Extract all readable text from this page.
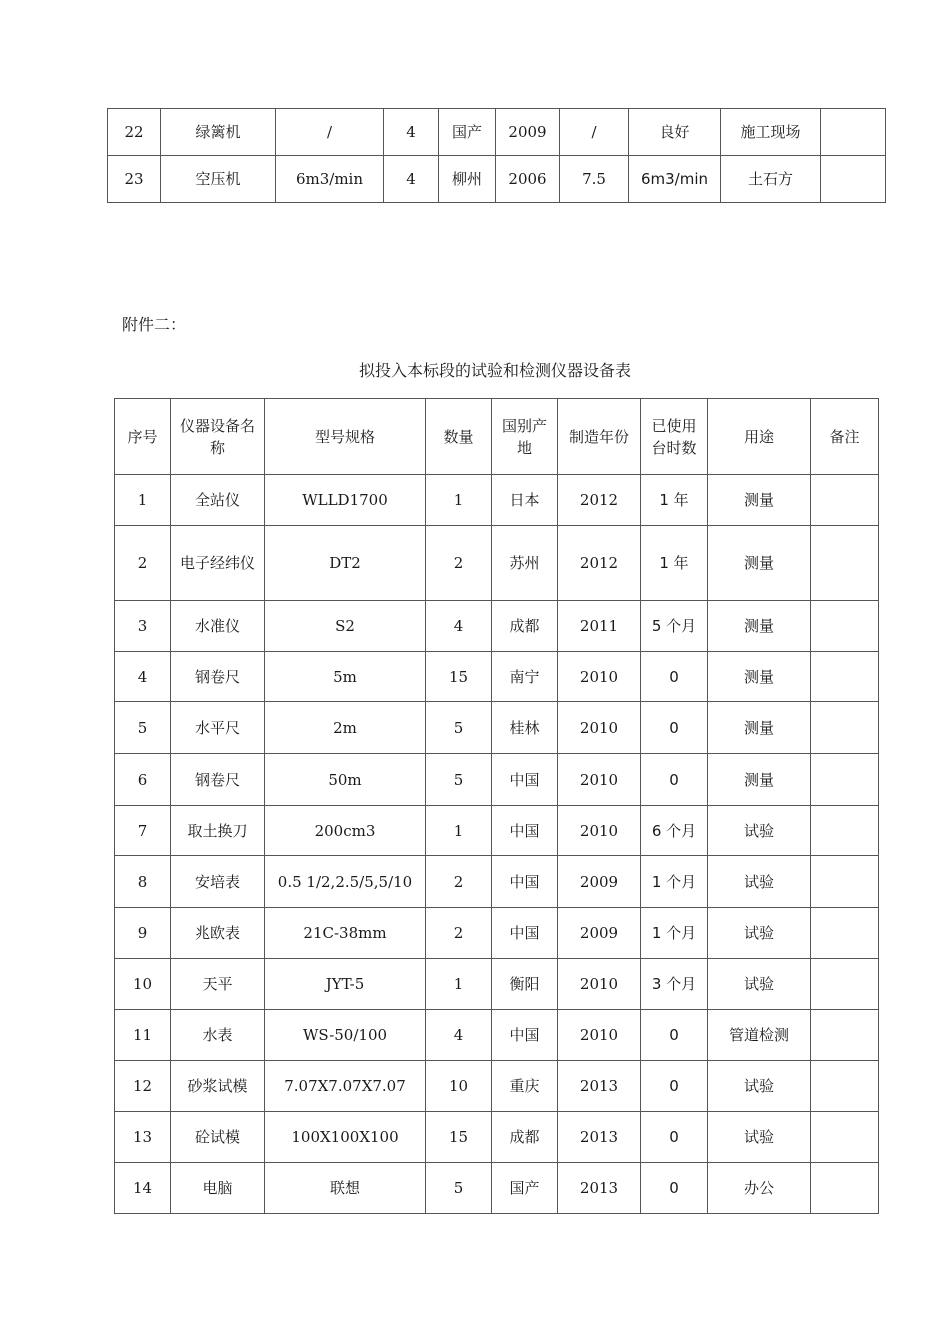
22	绿篱机	/	4	国产	2009	/	良好	施工现场	
23	空压机	6m3/min	4	柳州	2006	7.5	6m3/min	土石方	
附件二：
拟投入本标段的试验和检测仪器设备表
序号	仪器设备名称	型号规格	数量	国别产地	制造年份	已使用台时数	用途	备注
1	全站仪	WLLD1700	1	日本	2012	1 年	测量	
2	电子经纬仪	DT2	2	苏州	2012	1 年	测量	
3	水准仪	S2	4	成都	2011	5 个月	测量	
4	钢卷尺	5m	15	南宁	2010	0	测量	
5	水平尺	2m	5	桂林	2010	0	测量	
6	钢卷尺	50m	5	中国	2010	0	测量	
7	取土换刀	200cm3	1	中国	2010	6 个月	试验	
8	安培表	0.5 1/2,2.5/5,5/10	2	中国	2009	1 个月	试验	
9	兆欧表	21C-38mm	2	中国	2009	1 个月	试验	
10	天平	JYT-5	1	衡阳	2010	3 个月	试验	
11	水表	WS-50/100	4	中国	2010	0	管道检测	
12	砂浆试模	7.07X7.07X7.07	10	重庆	2013	0	试验	
13	砼试模	100X100X100	15	成都	2013	0	试验	
14	电脑	联想	5	国产	2013	0	办公	
